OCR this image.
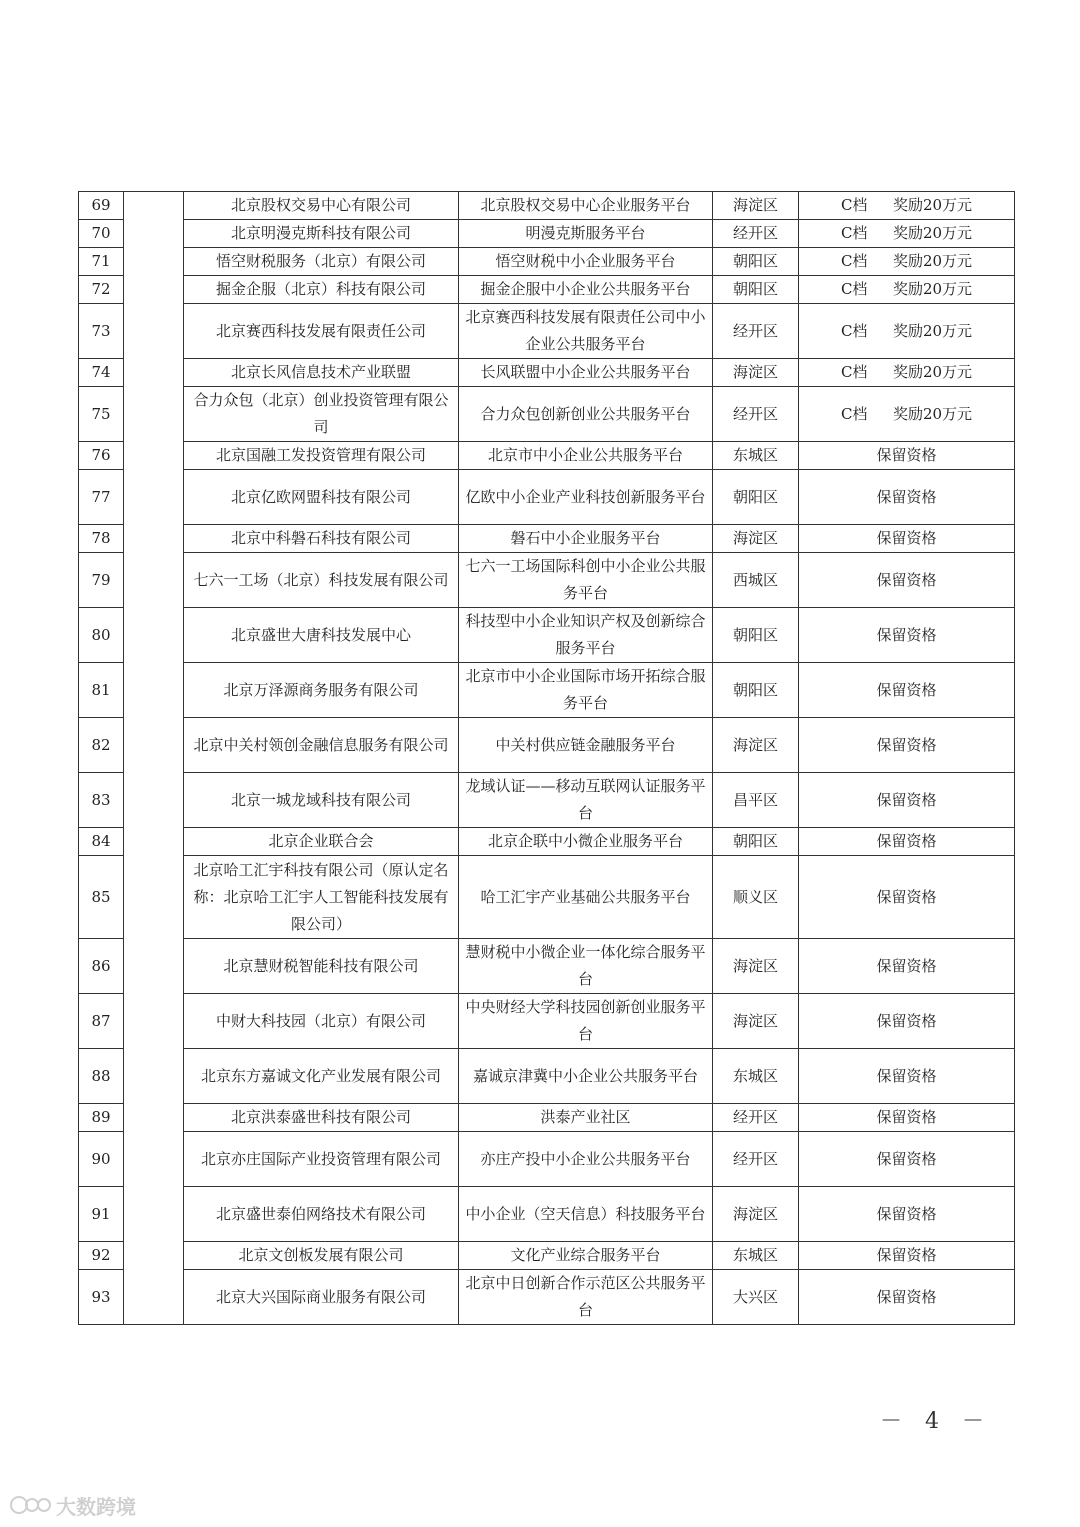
69		北京股权交易中心有限公司	北京股权交易中心企业服务平台	海淀区	C档 奖励20万元
70		北京明漫克斯科技有限公司	明漫克斯服务平台	经开区	C档 奖励20万元
71		悟空财税服务（北京）有限公司	悟空财税中小企业服务平台	朝阳区	C档 奖励20万元
72		掘金企服（北京）科技有限公司	掘金企服中小企业公共服务平台	朝阳区	C档 奖励20万元
73		北京赛西科技发展有限责任公司	北京赛西科技发展有限责任公司中小企业公共服务平台	经开区	C档 奖励20万元
74		北京长风信息技术产业联盟	长风联盟中小企业公共服务平台	海淀区	C档 奖励20万元
75		合力众包（北京）创业投资管理有限公司	合力众包创新创业公共服务平台	经开区	C档 奖励20万元
76		北京国融工发投资管理有限公司	北京市中小企业公共服务平台	东城区	保留资格
77		北京亿欧网盟科技有限公司	亿欧中小企业产业科技创新服务平台	朝阳区	保留资格
78		北京中科磐石科技有限公司	磐石中小企业服务平台	海淀区	保留资格
79		七六一工场（北京）科技发展有限公司	七六一工场国际科创中小企业公共服务平台	西城区	保留资格
80		北京盛世大唐科技发展中心	科技型中小企业知识产权及创新综合服务平台	朝阳区	保留资格
81		北京万泽源商务服务有限公司	北京市中小企业国际市场开拓综合服务平台	朝阳区	保留资格
82		北京中关村领创金融信息服务有限公司	中关村供应链金融服务平台	海淀区	保留资格
83		北京一城龙域科技有限公司	龙域认证——移动互联网认证服务平台	昌平区	保留资格
84		北京企业联合会	北京企联中小微企业服务平台	朝阳区	保留资格
85		北京哈工汇宇科技有限公司（原认定名称：北京哈工汇宇人工智能科技发展有限公司）	哈工汇宇产业基础公共服务平台	顺义区	保留资格
86		北京慧财税智能科技有限公司	慧财税中小微企业一体化综合服务平台	海淀区	保留资格
87		中财大科技园（北京）有限公司	中央财经大学科技园创新创业服务平台	海淀区	保留资格
88		北京东方嘉诚文化产业发展有限公司	嘉诚京津冀中小企业公共服务平台	东城区	保留资格
89		北京洪泰盛世科技有限公司	洪泰产业社区	经开区	保留资格
90		北京亦庄国际产业投资管理有限公司	亦庄产投中小企业公共服务平台	经开区	保留资格
91		北京盛世泰伯网络技术有限公司	中小企业（空天信息）科技服务平台	海淀区	保留资格
92		北京文创板发展有限公司	文化产业综合服务平台	东城区	保留资格
93		北京大兴国际商业服务有限公司	北京中日创新合作示范区公共服务平台	大兴区	保留资格
－ 4 －
大数跨境
